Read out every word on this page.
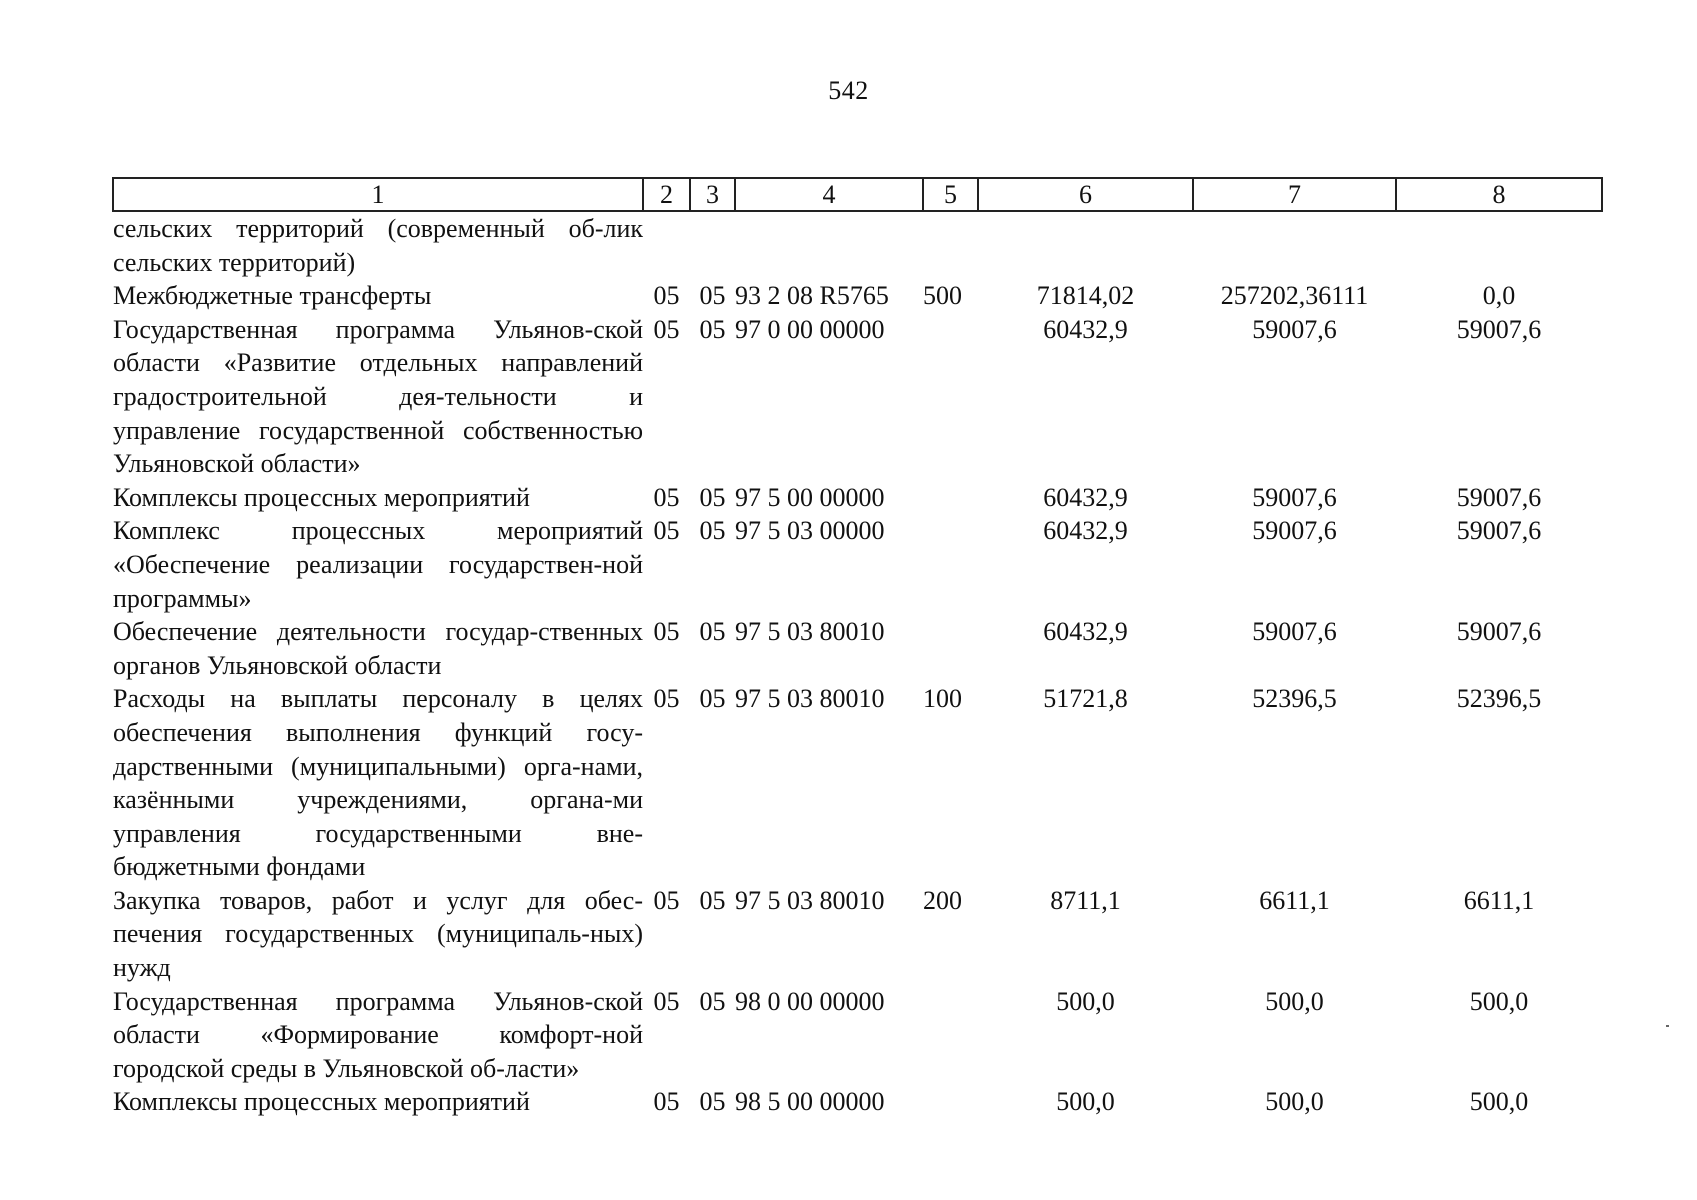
542
1	2	3	4	5	6	7	8
сельских территорий (современный об-лик сельских территорий)							
Межбюджетные трансферты	05	05	93 2 08 R5765	500	71814,02	257202,36111	0,0
Государственная программа Ульянов-ской области «Развитие отдельных направлений градостроительной дея-тельности и управление государственной собственностью Ульяновской области»	05	05	97 0 00 00000		60432,9	59007,6	59007,6
Комплексы процессных мероприятий	05	05	97 5 00 00000		60432,9	59007,6	59007,6
Комплекс процессных мероприятий «Обеспечение реализации государствен-ной программы»	05	05	97 5 03 00000		60432,9	59007,6	59007,6
Обеспечение деятельности государ-ственных органов Ульяновской области	05	05	97 5 03 80010		60432,9	59007,6	59007,6
Расходы на выплаты персоналу в целях обеспечения выполнения функций госу-дарственными (муниципальными) орга-нами, казёнными учреждениями, органа-ми управления государственными вне-бюджетными фондами	05	05	97 5 03 80010	100	51721,8	52396,5	52396,5
Закупка товаров, работ и услуг для обес-печения государственных (муниципаль-ных) нужд	05	05	97 5 03 80010	200	8711,1	6611,1	6611,1
Государственная программа Ульянов-ской области «Формирование комфорт-ной городской среды в Ульяновской об-ласти»	05	05	98 0 00 00000		500,0	500,0	500,0
Комплексы процессных мероприятий	05	05	98 5 00 00000		500,0	500,0	500,0
